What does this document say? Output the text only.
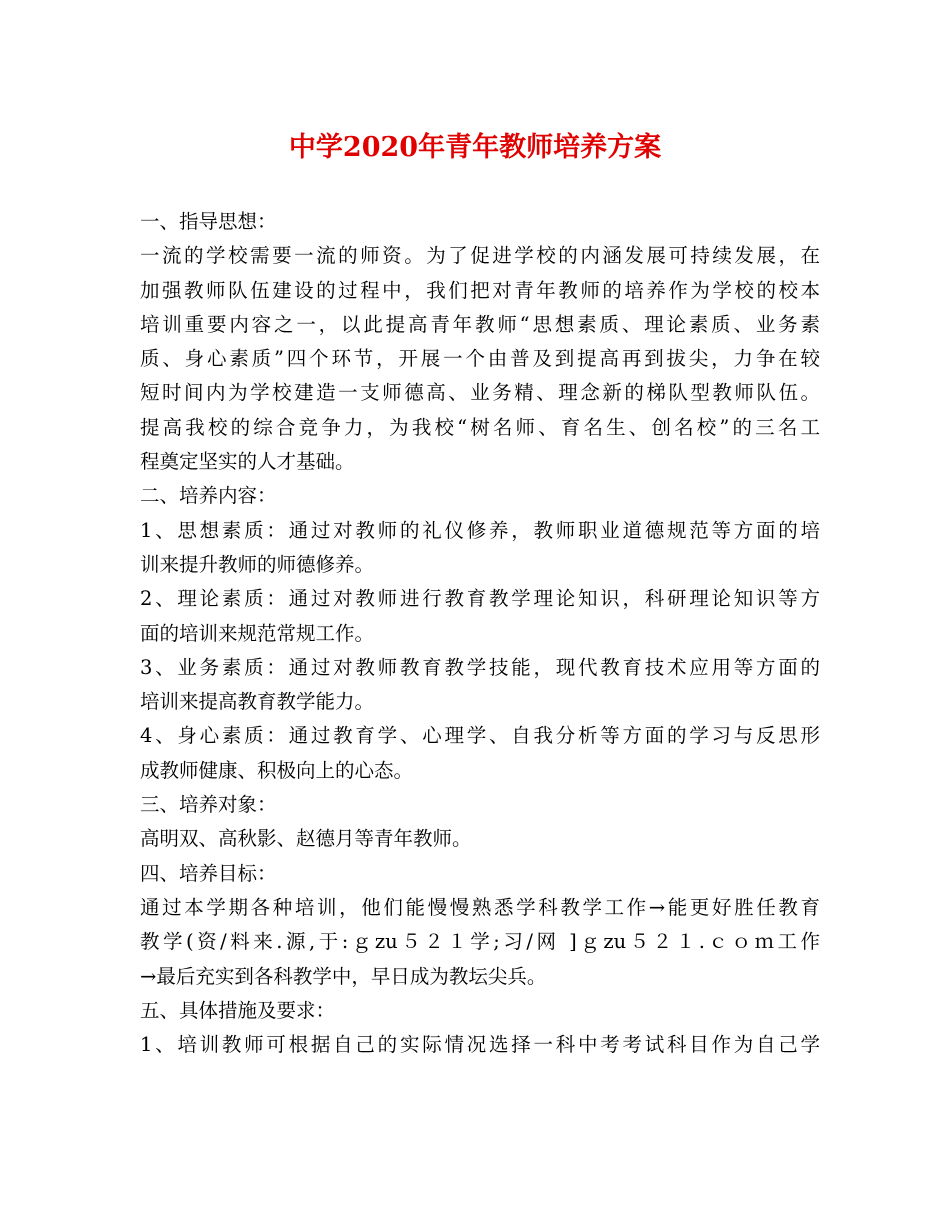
中学2020年青年教师培养方案

一、指导思想：

一流的学校需要一流的师资。为了促进学校的内涵发展可持续发展，在

加强教师队伍建设的过程中，我们把对青年教师的培养作为学校的校本

培训重要内容之一，以此提高青年教师“思想素质、理论素质、业务素

质、身心素质”四个环节，开展一个由普及到提高再到拔尖，力争在较

短时间内为学校建造一支师德高、业务精、理念新的梯队型教师队伍。

提高我校的综合竞争力，为我校“树名师、育名生、创名校”的三名工

程奠定坚实的人才基础。

二、培养内容：

1、思想素质：通过对教师的礼仪修养，教师职业道德规范等方面的培

训来提升教师的师德修养。

2、理论素质：通过对教师进行教育教学理论知识，科研理论知识等方

面的培训来规范常规工作。

3、业务素质：通过对教师教育教学技能，现代教育技术应用等方面的

培训来提高教育教学能力。

4、身心素质：通过教育学、心理学、自我分析等方面的学习与反思形

成教师健康、积极向上的心态。

三、培养对象：

高明双、高秋影、赵德月等青年教师。

四、培养目标：

通过本学期各种培训，他们能慢慢熟悉学科教学工作→能更好胜任教育

教学(资/料来.源,于:ｇzu５２１学;习/网 ]ｇzu５２１.ｃｏｍ工作

→最后充实到各科教学中，早日成为教坛尖兵。

五、具体措施及要求：

1、培训教师可根据自己的实际情况选择一科中考考试科目作为自己学
